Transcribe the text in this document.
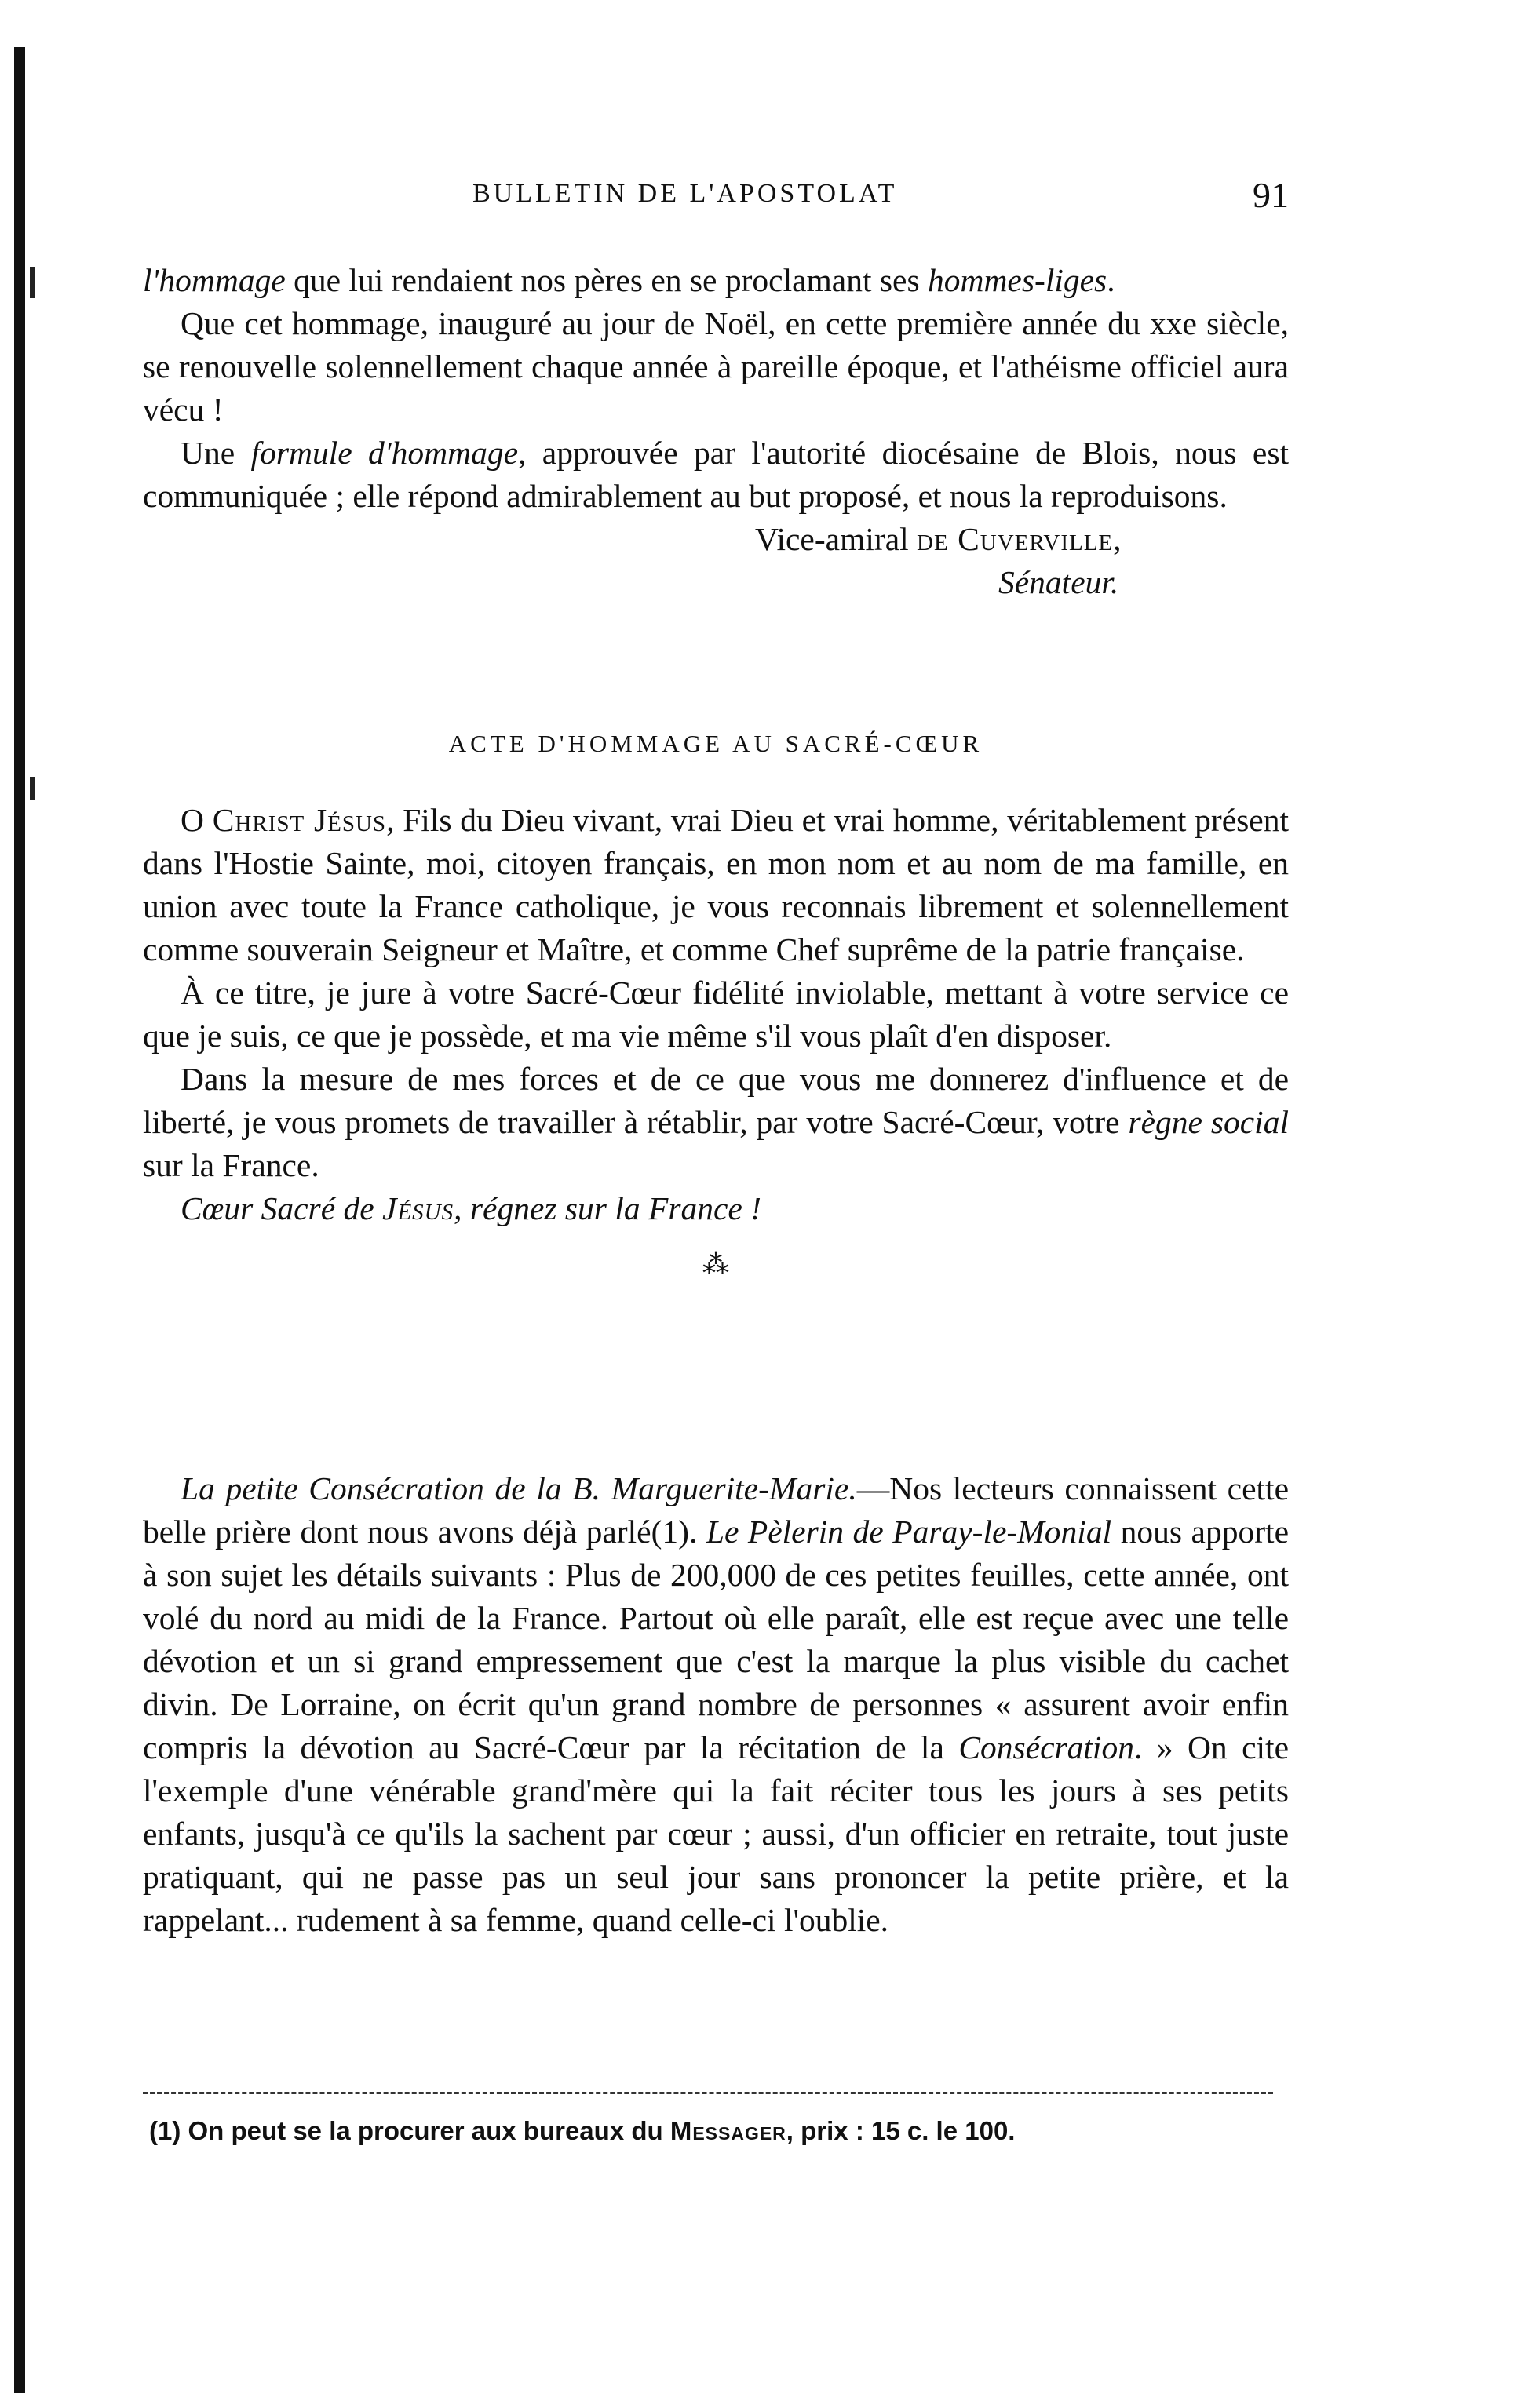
BULLETIN DE L'APOSTOLAT	91

l'hommage que lui rendaient nos pères en se proclamant ses hommes-liges.

Que cet hommage, inauguré au jour de Noël, en cette première année du xxe siècle, se renouvelle solennellement chaque année à pareille époque, et l'athéisme officiel aura vécu !

Une formule d'hommage, approuvée par l'autorité diocésaine de Blois, nous est communiquée ; elle répond admirablement au but proposé, et nous la reproduisons.

Vice-amiral de Cuverville,
Sénateur.
ACTE D'HOMMAGE AU SACRÉ-CŒUR

O Christ Jésus, Fils du Dieu vivant, vrai Dieu et vrai homme, véritablement présent dans l'Hostie Sainte, moi, citoyen français, en mon nom et au nom de ma famille, en union avec toute la France catholique, je vous reconnais librement et solennellement comme souverain Seigneur et Maître, et comme Chef suprême de la patrie française.

À ce titre, je jure à votre Sacré-Cœur fidélité inviolable, mettant à votre service ce que je suis, ce que je possède, et ma vie même s'il vous plaît d'en disposer.

Dans la mesure de mes forces et de ce que vous me donnerez d'influence et de liberté, je vous promets de travailler à rétablir, par votre Sacré-Cœur, votre règne social sur la France.

Cœur Sacré de Jésus, régnez sur la France !

⁂

La petite Consécration de la B. Marguerite-Marie.—Nos lecteurs connaissent cette belle prière dont nous avons déjà parlé(1). Le Pèlerin de Paray-le-Monial nous apporte à son sujet les détails suivants : Plus de 200,000 de ces petites feuilles, cette année, ont volé du nord au midi de la France. Partout où elle paraît, elle est reçue avec une telle dévotion et un si grand empressement que c'est la marque la plus visible du cachet divin. De Lorraine, on écrit qu'un grand nombre de personnes « assurent avoir enfin compris la dévotion au Sacré-Cœur par la récitation de la Consécration. » On cite l'exemple d'une vénérable grand'mère qui la fait réciter tous les jours à ses petits enfants, jusqu'à ce qu'ils la sachent par cœur ; aussi, d'un officier en retraite, tout juste pratiquant, qui ne passe pas un seul jour sans prononcer la petite prière, et la rappelant... rudement à sa femme, quand celle-ci l'oublie.

(1) On peut se la procurer aux bureaux du Messager, prix : 15 c. le 100.
